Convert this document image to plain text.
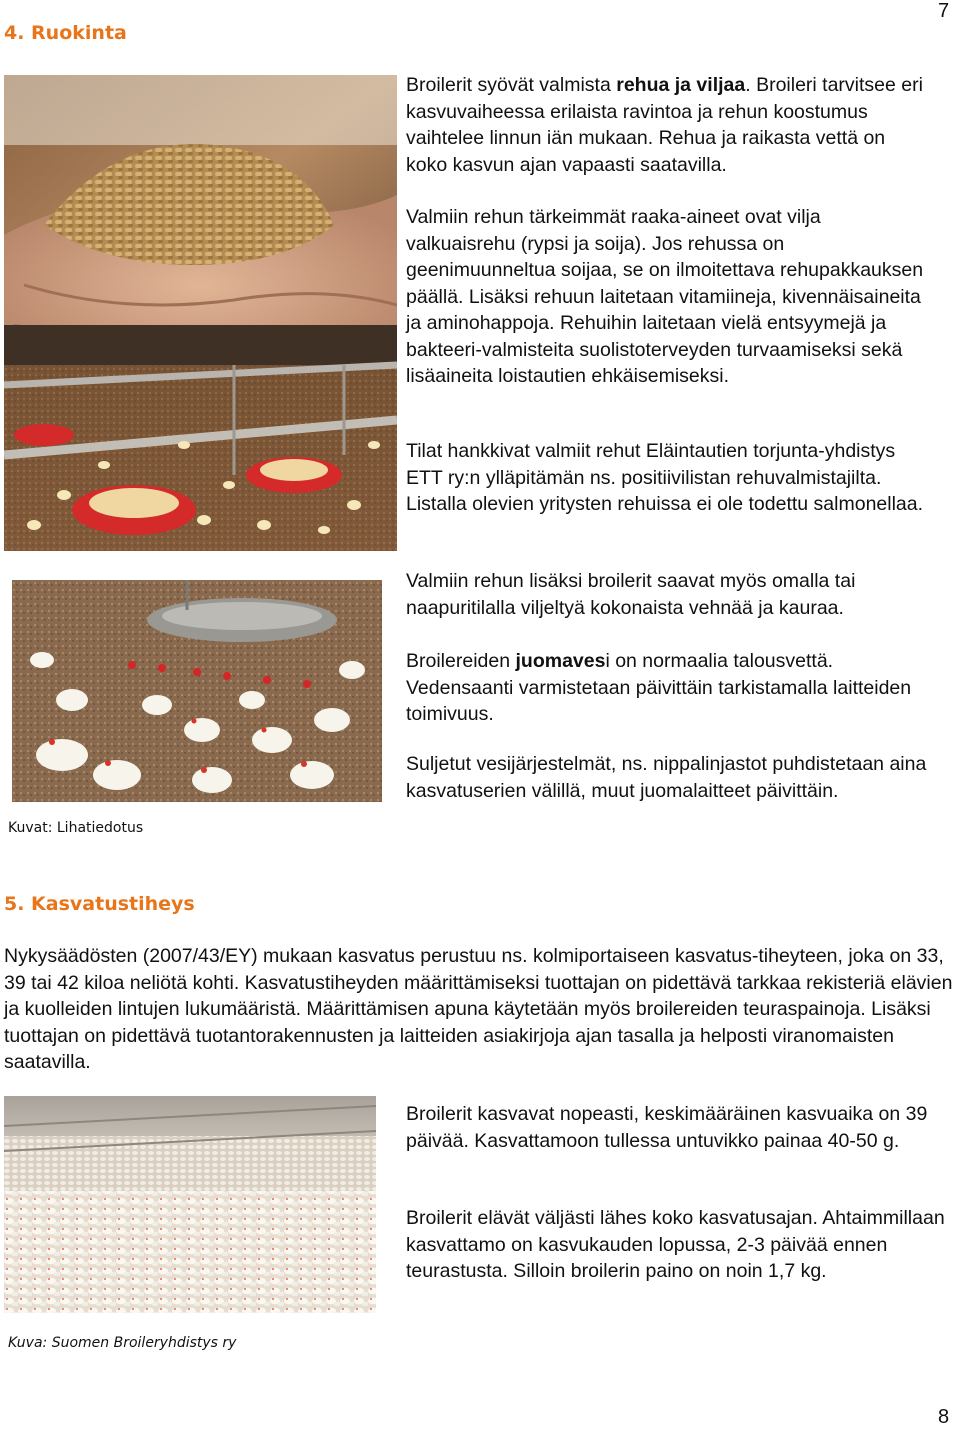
7
8
4. Ruokinta

Broilerit syövät valmista rehua ja viljaa. Broileri tarvitsee eri kasvuvaiheessa erilaista ravintoa ja rehun koostumus vaihtelee linnun iän mukaan. Rehua ja raikasta vettä on koko kasvun ajan vapaasti saatavilla.

Valmiin rehun tärkeimmät raaka-aineet ovat vilja valkuaisrehu (rypsi ja soija). Jos rehussa on geenimuunneltua soijaa, se on ilmoitettava rehupakkauksen päällä. Lisäksi rehuun laitetaan vitamiineja, kivennäisaineita ja aminohappoja. Rehuihin laitetaan vielä entsyymejä ja bakteeri-valmisteita suolistoterveyden turvaamiseksi sekä lisäaineita loistautien ehkäisemiseksi.

Tilat hankkivat valmiit rehut Eläintautien torjunta-yhdistys ETT ry:n ylläpitämän ns. positiivilistan rehuvalmistajilta. Listalla olevien yritysten rehuissa ei ole todettu salmonellaa.

Valmiin rehun lisäksi broilerit saavat myös omalla tai naapuritilalla viljeltyä kokonaista vehnää ja kauraa.

Broilereiden juomavesi on normaalia talousvettä. Vedensaanti varmistetaan päivittäin tarkistamalla laitteiden toimivuus.

Suljetut vesijärjestelmät, ns. nippalinjastot puhdistetaan aina kasvatuserien välillä, muut juomalaitteet päivittäin.

Kuvat: Lihatiedotus
5. Kasvatustiheys

Nykysäädösten (2007/43/EY) mukaan kasvatus perustuu ns. kolmiportaiseen kasvatus-tiheyteen, joka on 33, 39 tai 42 kiloa neliötä kohti. Kasvatustiheyden määrittämiseksi tuottajan on pidettävä tarkkaa rekisteriä elävien ja kuolleiden lintujen lukumääristä. Määrittämisen apuna käytetään myös broilereiden teuraspainoja. Lisäksi tuottajan on pidettävä tuotantorakennusten ja laitteiden asiakirjoja ajan tasalla ja helposti viranomaisten saatavilla.

Broilerit kasvavat nopeasti, keskimääräinen kasvuaika on 39 päivää. Kasvattamoon tullessa untuvikko painaa 40-50 g.

Broilerit elävät väljästi lähes koko kasvatusajan. Ahtaimmillaan kasvattamo on kasvukauden lopussa, 2-3 päivää ennen teurastusta. Silloin broilerin paino on noin 1,7 kg.

Kuva: Suomen Broileryhdistys ry
